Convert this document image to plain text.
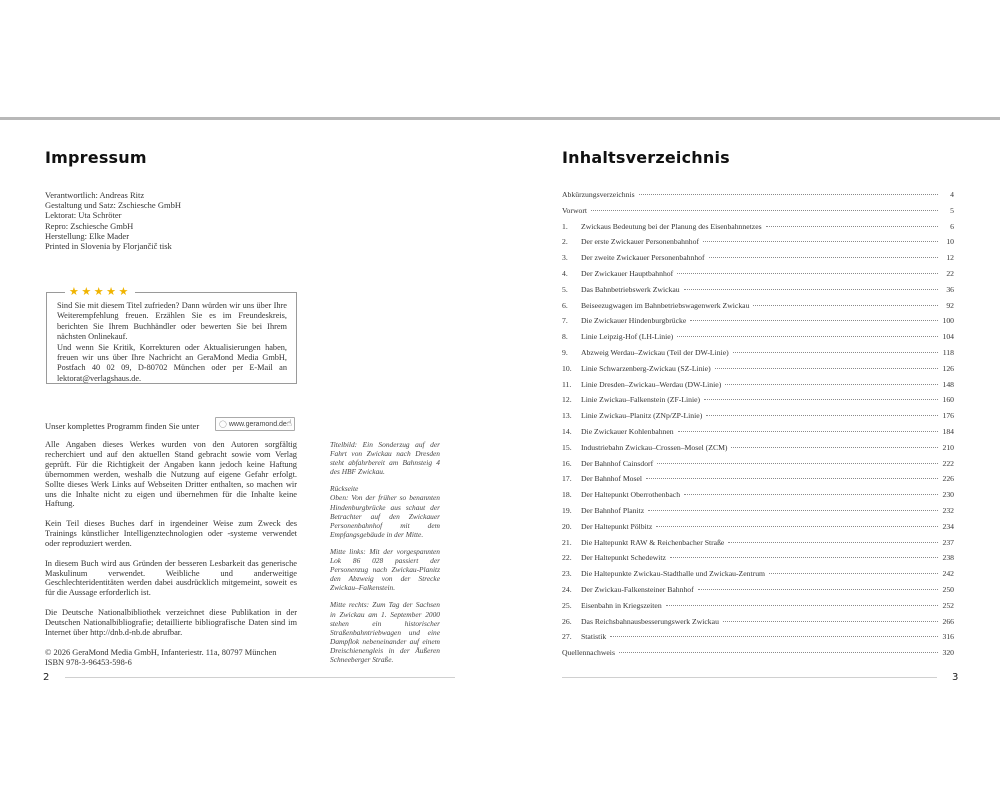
Impressum
Verantwortlich: Andreas Ritz
Gestaltung und Satz: Zschiesche GmbH
Lektorat: Uta Schröter
Repro: Zschiesche GmbH
Herstellung: Elke Mader
Printed in Slovenia by Florjančič tisk
★★★★★

Sind Sie mit diesem Titel zufrieden? Dann würden wir uns über Ihre Weiterempfehlung freuen. Erzählen Sie es im Freundeskreis, berichten Sie Ihrem Buchhändler oder bewerten Sie bei Ihrem nächsten Onlinekauf.

Und wenn Sie Kritik, Korrekturen oder Aktualisierungen haben, freuen wir uns über Ihre Nachricht an GeraMond Media GmbH, Postfach 40 02 09, D-80702 München oder per E-Mail an lektorat@verlagshaus.de.

Unser komplettes Programm finden Sie unter	◯ www.geramond.de ☝

Alle Angaben dieses Werkes wurden von den Autoren sorgfältig recherchiert und auf den aktuellen Stand gebracht sowie vom Verlag geprüft. Für die Richtigkeit der Angaben kann jedoch keine Haftung übernommen werden, weshalb die Nutzung auf eigene Gefahr erfolgt. Sollte dieses Werk Links auf Webseiten Dritter enthalten, so machen wir uns die Inhalte nicht zu eigen und übernehmen für die Inhalte keine Haftung.

Kein Teil dieses Buches darf in irgendeiner Weise zum Zweck des Trainings künstlicher Intelligenztechnologien oder -systeme verwendet oder reproduziert werden.

In diesem Buch wird aus Gründen der besseren Lesbarkeit das generische Maskulinum verwendet. Weibliche und anderweitige Geschlechteridentitäten werden dabei ausdrücklich mitgemeint, soweit es für die Aussage erforderlich ist.

Die Deutsche Nationalbibliothek verzeichnet diese Publikation in der Deutschen Nationalbibliografie; detaillierte bibliografische Daten sind im Internet über http://dnb.d-nb.de abrufbar.

© 2026 GeraMond Media GmbH, Infanteriestr. 11a, 80797 München
ISBN 978-3-96453-598-6

Titelbild: Ein Sonderzug auf der Fahrt von Zwickau nach Dresden steht abfahrbereit am Bahnsteig 4 des HBF Zwickau.

Rückseite
Oben: Von der früher so benannten Hindenburgbrücke aus schaut der Betrachter auf den Zwickauer Personenbahnhof mit dem Empfangsgebäude in der Mitte.

Mitte links: Mit der vorgespannten Lok 86 028 passiert der Personenzug nach Zwickau-Planitz den Abzweig von der Strecke Zwickau–Falkenstein.

Mitte rechts: Zum Tag der Sachsen in Zwickau am 1. September 2000 stehen ein historischer Straßenbahntriebwagen und eine Dampflok nebeneinander auf einem Dreischienengleis in der Äußeren Schneeberger Straße.

2
Inhaltsverzeichnis
Abkürzungsverzeichnis	4
Vorwort	5
1.	Zwickaus Bedeutung bei der Planung des Eisenbahnnetzes	6
2.	Der erste Zwickauer Personenbahnhof	10
3.	Der zweite Zwickauer Personenbahnhof	12
4.	Der Zwickauer Hauptbahnhof	22
5.	Das Bahnbetriebswerk Zwickau	36
6.	Beiseezugwagen im Bahnbetriebswagenwerk Zwickau	92
7.	Die Zwickauer Hindenburgbrücke	100
8.	Linie Leipzig-Hof (LH-Linie)	104
9.	Abzweig Werdau–Zwickau (Teil der DW-Linie)	118
10.	Linie Schwarzenberg-Zwickau (SZ-Linie)	126
11.	Linie Dresden–Zwickau–Werdau (DW-Linie)	148
12.	Linie Zwickau–Falkenstein (ZF-Linie)	160
13.	Linie Zwickau–Planitz (ZNp/ZP-Linie)	176
14.	Die Zwickauer Kohlenbahnen	184
15.	Industriebahn Zwickau–Crossen–Mosel (ZCM)	210
16.	Der Bahnhof Cainsdorf	222
17.	Der Bahnhof Mosel	226
18.	Der Haltepunkt Oberrothenbach	230
19.	Der Bahnhof Planitz	232
20.	Der Haltepunkt Pölbitz	234
21.	Die Haltepunkt RAW & Reichenbacher Straße	237
22.	Der Haltepunkt Schedewitz	238
23.	Die Haltepunkte Zwickau-Stadthalle und Zwickau-Zentrum	242
24.	Der Zwickau-Falkensteiner Bahnhof	250
25.	Eisenbahn in Kriegszeiten	252
26.	Das Reichsbahnausbesserungswerk Zwickau	266
27.	Statistik	316
Quellennachweis	320
3
